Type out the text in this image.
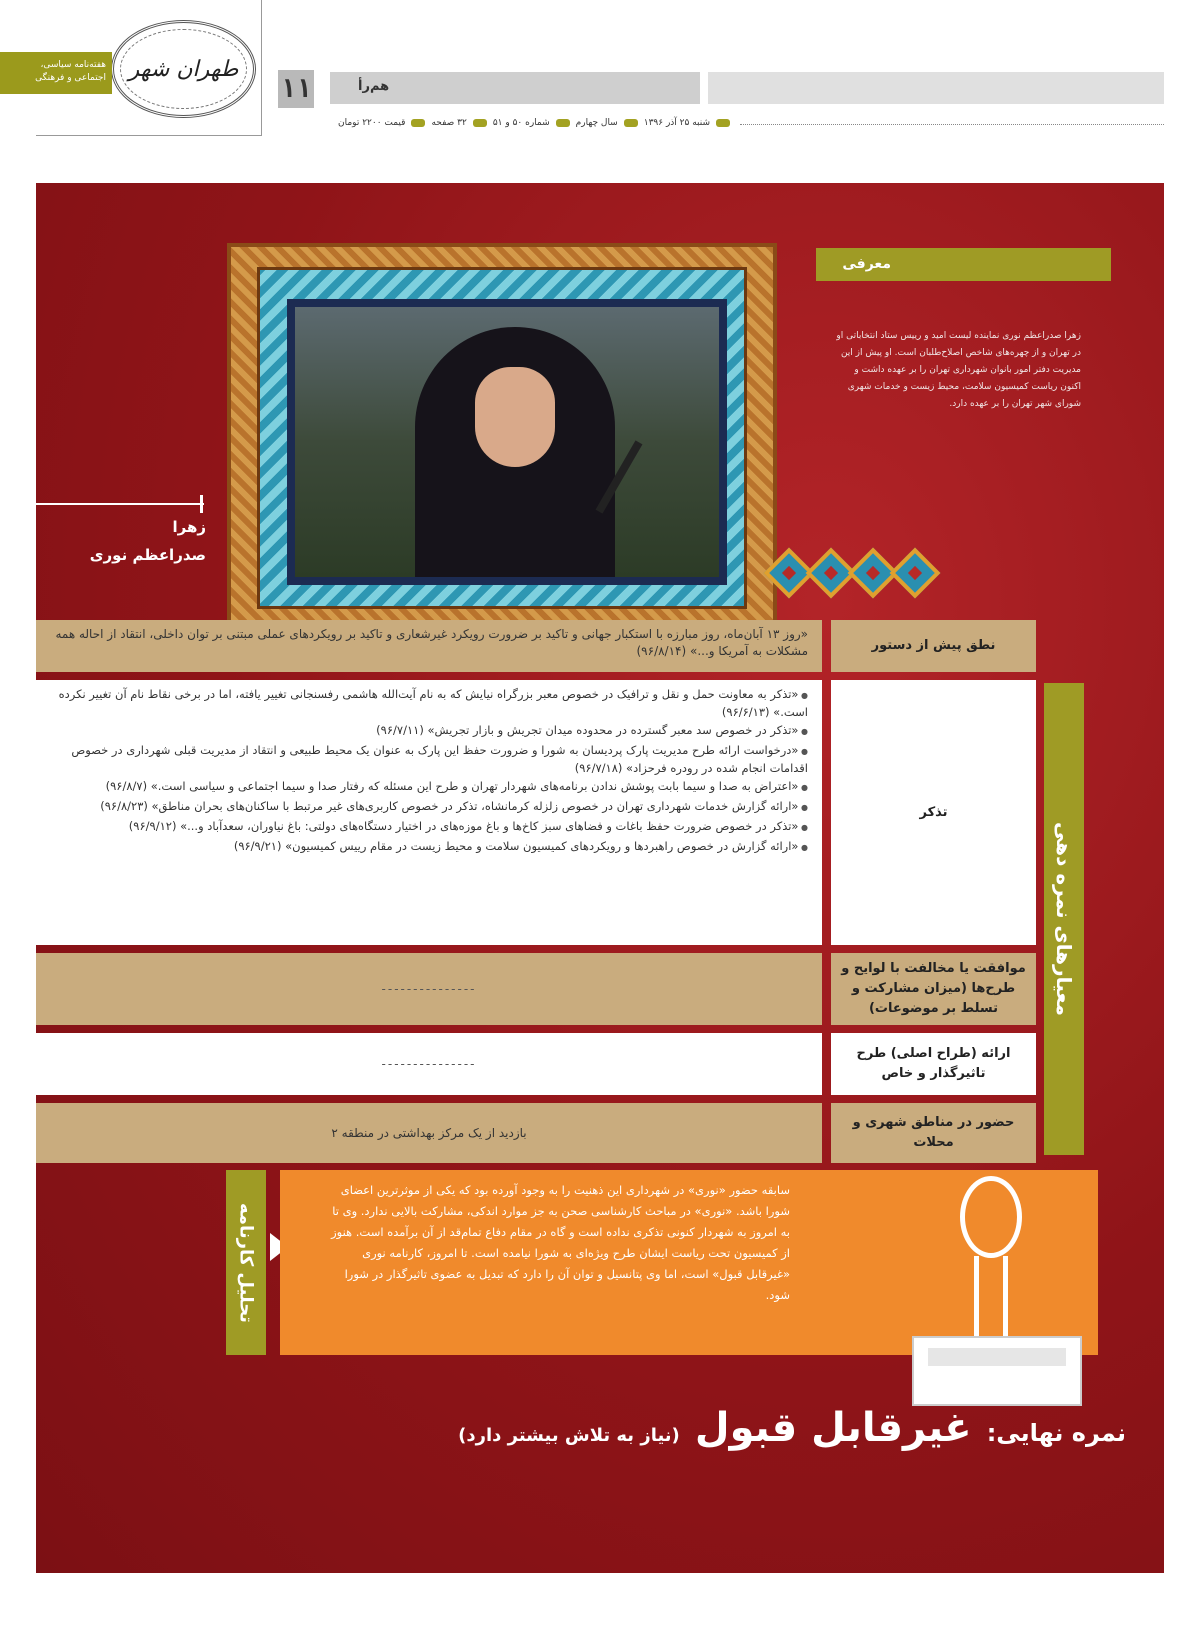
طهران شهر
هفته‌نامه سیاسی،
اجتماعی و فرهنگی	۱۱	هم‌رأ
شنبه ۲۵ آذر ۱۳۹۶
سال چهارم
شماره ۵۰ و ۵۱
۳۲ صفحه
قیمت ۲۲۰۰ تومان
معرفی
زهرا صدراعظم نوری نماینده لیست امید و رییس ستاد انتخاباتی او در تهران و از چهره‌های شاخص اصلاح‌طلبان است. او پیش از این مدیریت دفتر امور بانوان شهرداری تهران را بر عهده داشت و اکنون ریاست کمیسیون سلامت، محیط زیست و خدمات شهری شورای شهر تهران را بر عهده دارد.
زهرا
صدراعظم نوری
نطق پیش از دستور
«روز ۱۳ آبان‌ماه، روز مبارزه با استکبار جهانی و تاکید بر ضرورت رویکرد غیرشعاری و تاکید بر رویکردهای عملی مبتنی بر توان داخلی، انتقاد از احاله همه مشکلات به آمریکا و...» (۹۶/۸/۱۴)
تذکر
● «تذکر به معاونت حمل و نقل و ترافیک در خصوص معبر بزرگراه نیایش که به نام آیت‌الله هاشمی رفسنجانی تغییر یافته، اما در برخی نقاط نام آن تغییر نکرده است.» (۹۶/۶/۱۳)
● «تذکر در خصوص سد معبر گسترده در محدوده میدان تجریش و بازار تجریش» (۹۶/۷/۱۱)
● «درخواست ارائه طرح مدیریت پارک پردیسان به شورا و ضرورت حفظ این پارک به عنوان یک محیط طبیعی و انتقاد از مدیریت قبلی شهرداری در خصوص اقدامات انجام شده در رودره فرحزاد» (۹۶/۷/۱۸)
● «اعتراض به صدا و سیما بابت پوشش ندادن برنامه‌های شهردار تهران و طرح این مسئله که رفتار صدا و سیما اجتماعی و سیاسی است.» (۹۶/۸/۷)
● «ارائه گزارش خدمات شهرداری تهران در خصوص زلزله کرمانشاه، تذکر در خصوص کاربری‌های غیر مرتبط با ساکنان‌های بحران مناطق» (۹۶/۸/۲۳)
● «تذکر در خصوص ضرورت حفظ باغات و فضاهای سبز کاخ‌ها و باغ موزه‌های در اختیار دستگاه‌های دولتی: باغ نیاوران، سعدآباد و...» (۹۶/۹/۱۲)
● «ارائه گزارش در خصوص راهبردها و رویکردهای کمیسیون سلامت و محیط زیست در مقام رییس کمیسیون» (۹۶/۹/۲۱)
موافقت یا مخالفت با لوایح و طرح‌ها (میزان مشارکت و تسلط بر موضوعات)
---------------
ارائه (طراح اصلی) طرح تاثیرگذار و خاص
---------------
حضور در مناطق شهری و محلات
بازدید از یک مرکز بهداشتی در منطقه ۲
معیارهای نمره دهی
تحلیل کارنامه
سابقه حضور «نوری» در شهرداری این ذهنیت را به وجود آورده بود که یکی از موثرترین اعضای شورا باشد. «نوری» در مباحث کارشناسی صحن به جز موارد اندکی، مشارکت بالایی ندارد. وی تا به امروز به شهردار کنونی تذکری نداده است و گاه در مقام دفاع تمام‌قد از آن برآمده است. هنوز از کمیسیون تحت ریاست ایشان طرح ویژه‌ای به شورا نیامده است. تا امروز، کارنامه نوری «غیرقابل قبول» است، اما وی پتانسیل و توان آن را دارد که تبدیل به عضوی تاثیرگذار در شورا شود.
نمره نهایی: غیرقابل قبول (نیاز به تلاش بیشتر دارد)
